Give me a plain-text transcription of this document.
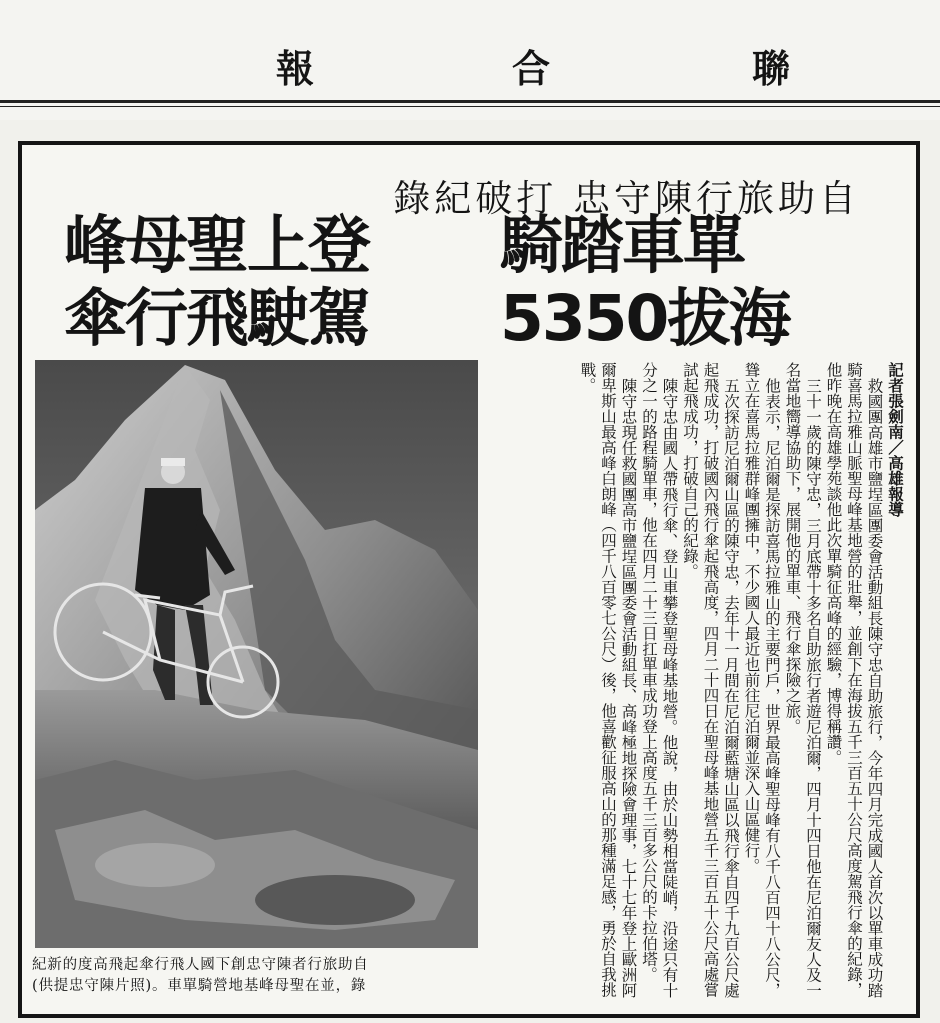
報	合	聯
錄紀破打 忠守陳行旅助自
騎踏車單
5350拔海
峰母聖上登
傘行飛駛駕
紀新的度高飛起傘行飛人國下創忠守陳者行旅助自
(供提忠守陳片照)。車單騎營地基峰母聖在並，錄
記者張劍南／高雄報導

救國團高雄市鹽埕區團委會活動組長陳守忠自助旅行，今年四月完成國人首次以單車成功踏騎喜馬拉雅山脈聖母峰基地營的壯舉，並創下在海拔五千三百五十公尺高度駕飛行傘的紀錄，他昨晚在高雄學苑談他此次單騎征高峰的經驗，博得稱讚。

三十一歲的陳守忠，三月底帶十多名自助旅行者遊尼泊爾，四月十四日他在尼泊爾友人及一名當地嚮導協助下，展開他的單車、飛行傘探險之旅。

他表示，尼泊爾是探訪喜馬拉雅山的主要門戶，世界最高峰聖母峰有八千八百四十八公尺，聳立在喜馬拉雅群峰團擁中，不少國人最近也前往尼泊爾並深入山區健行。

五次探訪尼泊爾山區的陳守忠，去年十一月間在尼泊爾藍塘山區以飛行傘自四千九百公尺處起飛成功，打破國內飛行傘起飛高度，四月二十四日在聖母峰基地營五千三百五十公尺高處嘗試起飛成功，打破自己的紀錄。

陳守忠由國人帶飛行傘、登山車攀登聖母峰基地營。他說，由於山勢相當陡峭，沿途只有十分之一的路程騎單車，他在四月二十三日扛單車成功登上高度五千三百多公尺的卡拉伯塔。

陳守忠現任救國團高市鹽埕區團委會活動組長、高峰極地探險會理事，七十七年登上歐洲阿爾卑斯山最高峰白朗峰（四千八百零七公尺）後，他喜歡征服高山的那種滿足感，勇於自我挑戰。
